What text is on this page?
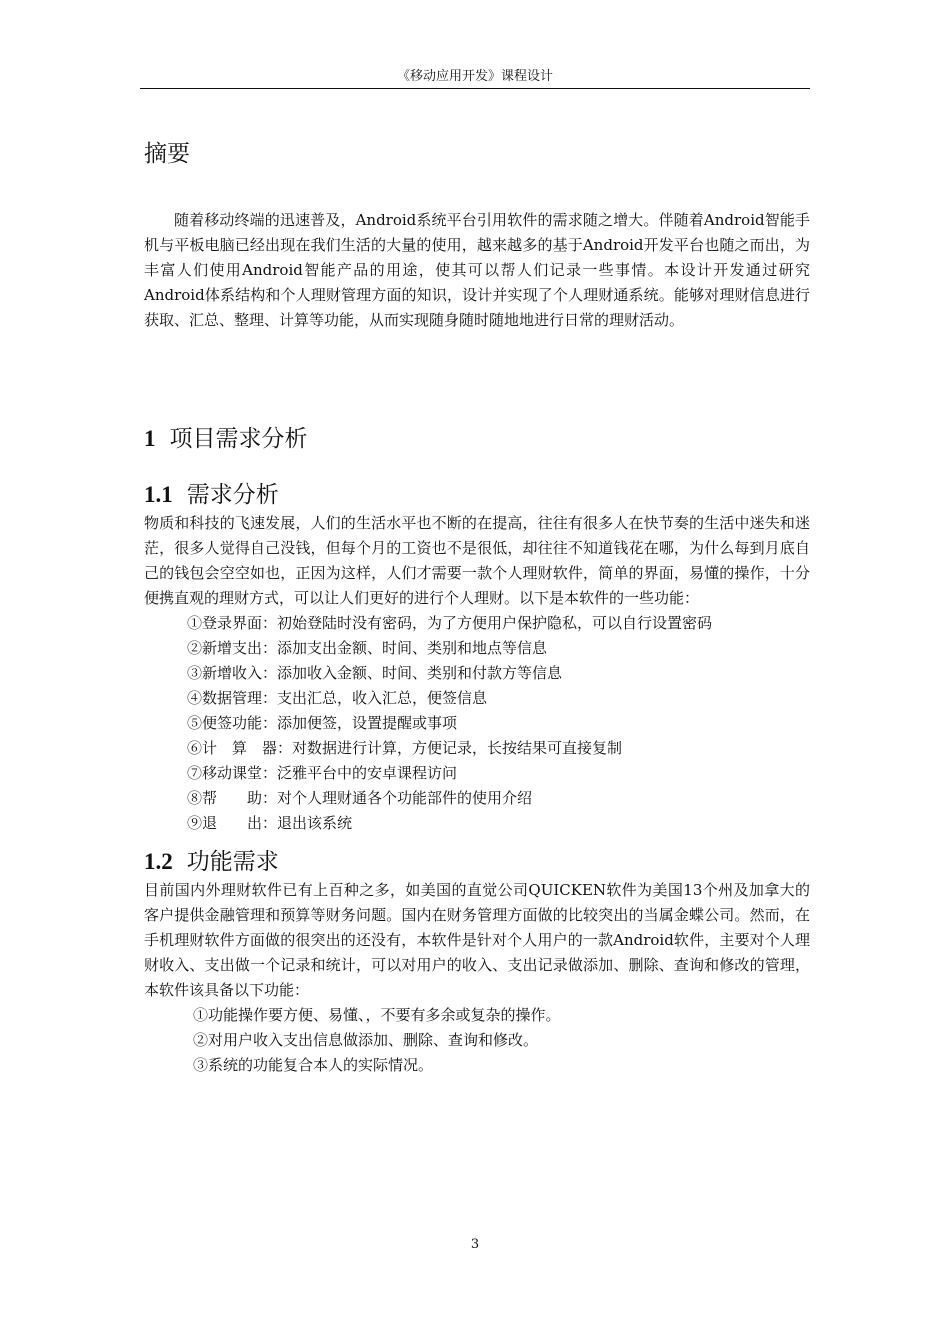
《移动应用开发》课程设计
摘要

随着移动终端的迅速普及，Android系统平台引用软件的需求随之增大。伴随着Android智能手机与平板电脑已经出现在我们生活的大量的使用，越来越多的基于Android开发平台也随之而出，为丰富人们使用Android智能产品的用途，使其可以帮人们记录一些事情。本设计开发通过研究Android体系结构和个人理财管理方面的知识，设计并实现了个人理财通系统。能够对理财信息进行获取、汇总、整理、计算等功能，从而实现随身随时随地地进行日常的理财活动。

1 项目需求分析
1.1 需求分析

物质和科技的飞速发展，人们的生活水平也不断的在提高，往往有很多人在快节奏的生活中迷失和迷茫，很多人觉得自己没钱，但每个月的工资也不是很低，却往往不知道钱花在哪，为什么每到月底自己的钱包会空空如也，正因为这样，人们才需要一款个人理财软件，简单的界面，易懂的操作，十分便携直观的理财方式，可以让人们更好的进行个人理财。以下是本软件的一些功能：

①登录界面：初始登陆时没有密码，为了方便用户保护隐私，可以自行设置密码
②新增支出：添加支出金额、时间、类别和地点等信息
③新增收入：添加收入金额、时间、类别和付款方等信息
④数据管理：支出汇总，收入汇总，便签信息
⑤便签功能：添加便签，设置提醒或事项
⑥计　算　器：对数据进行计算，方便记录，长按结果可直接复制
⑦移动课堂：泛雅平台中的安卓课程访问
⑧帮　　助：对个人理财通各个功能部件的使用介绍
⑨退　　出：退出该系统
1.2 功能需求

目前国内外理财软件已有上百种之多，如美国的直觉公司QUICKEN软件为美国13个州及加拿大的客户提供金融管理和预算等财务问题。国内在财务管理方面做的比较突出的当属金蝶公司。然而，在手机理财软件方面做的很突出的还没有，本软件是针对个人用户的一款Android软件，主要对个人理财收入、支出做一个记录和统计，可以对用户的收入、支出记录做添加、删除、查询和修改的管理，本软件该具备以下功能：

①功能操作要方便、易懂、，不要有多余或复杂的操作。
②对用户收入支出信息做添加、删除、查询和修改。
③系统的功能复合本人的实际情况。
3
